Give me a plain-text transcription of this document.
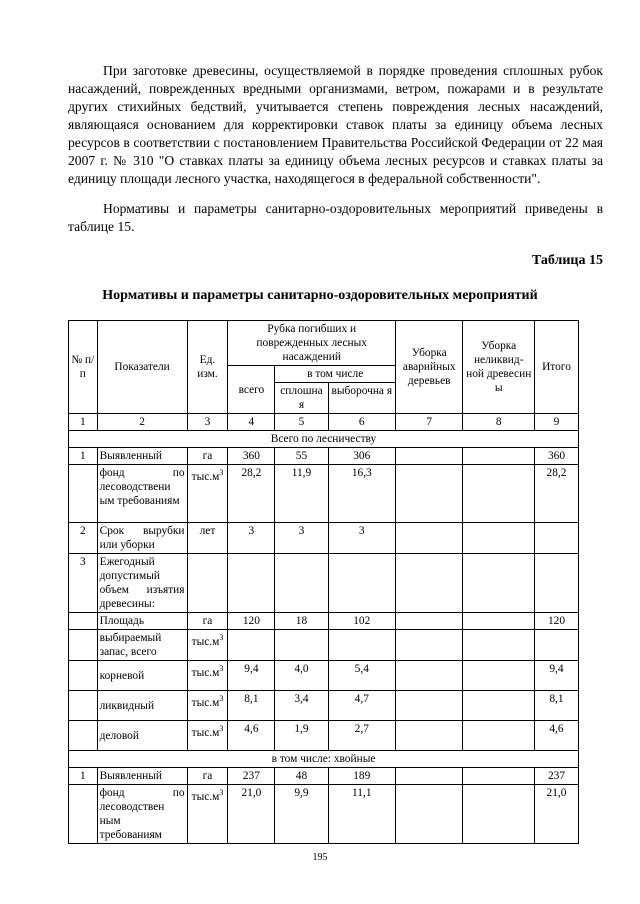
При заготовке древесины, осуществляемой в порядке проведения сплошных рубок насаждений, поврежденных вредными организмами, ветром, пожарами и в результате других стихийных бедствий, учитывается степень повреждения лесных насаждений, являющаяся основанием для корректировки ставок платы за единицу объема лесных ресурсов в соответствии с постановлением Правительства Российской Федерации от 22 мая 2007 г. № 310 "О ставках платы за единицу объема лесных ресурсов и ставках платы за единицу площади лесного участка, находящегося в федеральной собственности".

Нормативы и параметры санитарно-оздоровительных мероприятий приведены в таблице 15.

Таблица 15
Нормативы и параметры санитарно-оздоровительных мероприятий
№ п/п	Показатели	Ед. изм.	Рубка погибших и поврежденных лесных насаждений			Уборка аварийных деревьев	Уборка неликвид-ной древесин ы	Итого
			всего	в том числе				
				сплошна я	выборочна я			
1	2	3	4	5	6	7	8	9
Всего по лесничеству								
1	Выявленный	га	360	55	306			360
	фонд по лесоводствени ым требованиям	$тыс.м^3$	28,2	11,9	16,3			28,2
2	Срок вырубки или уборки	лет	3	3	3			
3	Ежегодный допустимый объем изъятия древесины:							
	Площадь	га	120	18	102			120
	выбираемый запас, всего	$тыс.м^3$						
	корневой	$тыс.м^3$	9,4	4,0	5,4			9,4
	ликвидный	$тыс.м^3$	8,1	3,4	4,7			8,1
	деловой	$тыс.м^3$	4,6	1,9	2,7			4,6
в том числе: хвойные								
1	Выявленный	га	237	48	189			237
	фонд по лесоводствен ным требованиям	$тыс.м^3$	21,0	9,9	11,1			21,0
195
